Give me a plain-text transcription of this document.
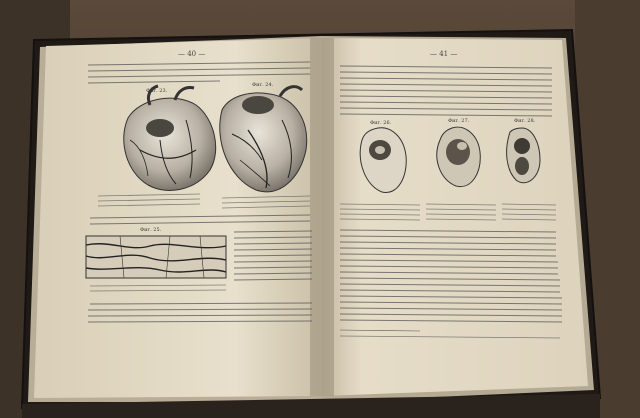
— 40 —	— 41 —
Фиг. 23.
Фиг. 24.
Фиг. 25.
Фиг. 26.	Фиг. 27.	Фиг. 28.
